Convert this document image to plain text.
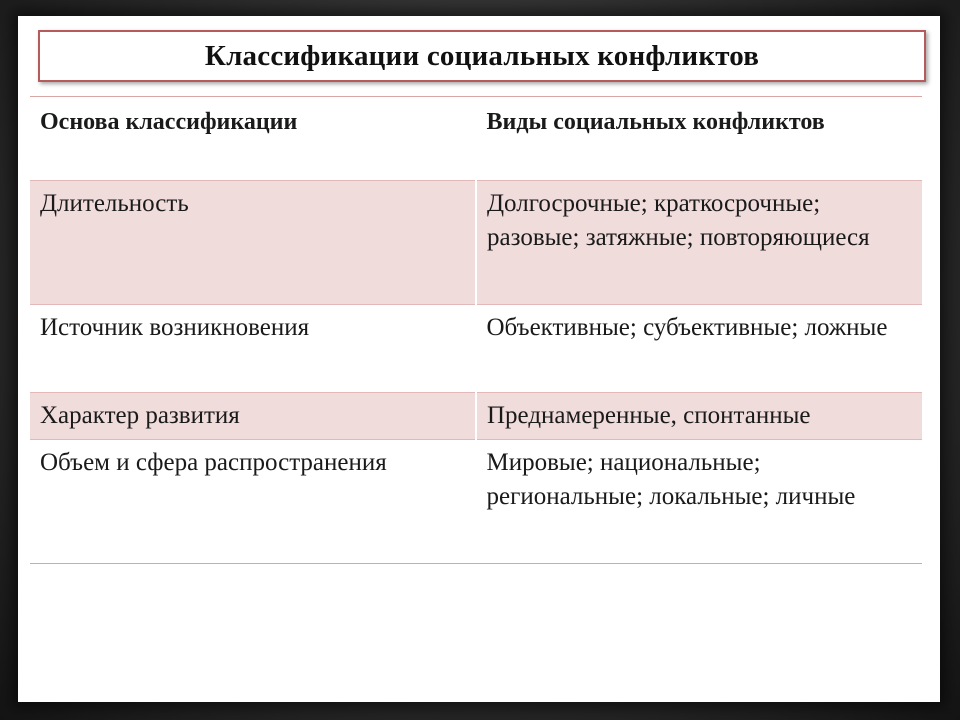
Классификации социальных конфликтов
Основа классификации	Виды социальных конфликтов
Длительность	Долгосрочные; краткосрочные; разовые; затяжные; повторяющиеся
Источник возникновения	Объективные; субъективные; ложные
Характер развития	Преднамеренные, спонтанные
Объем и сфера распространения	Мировые; национальные; региональные; локальные; личные
